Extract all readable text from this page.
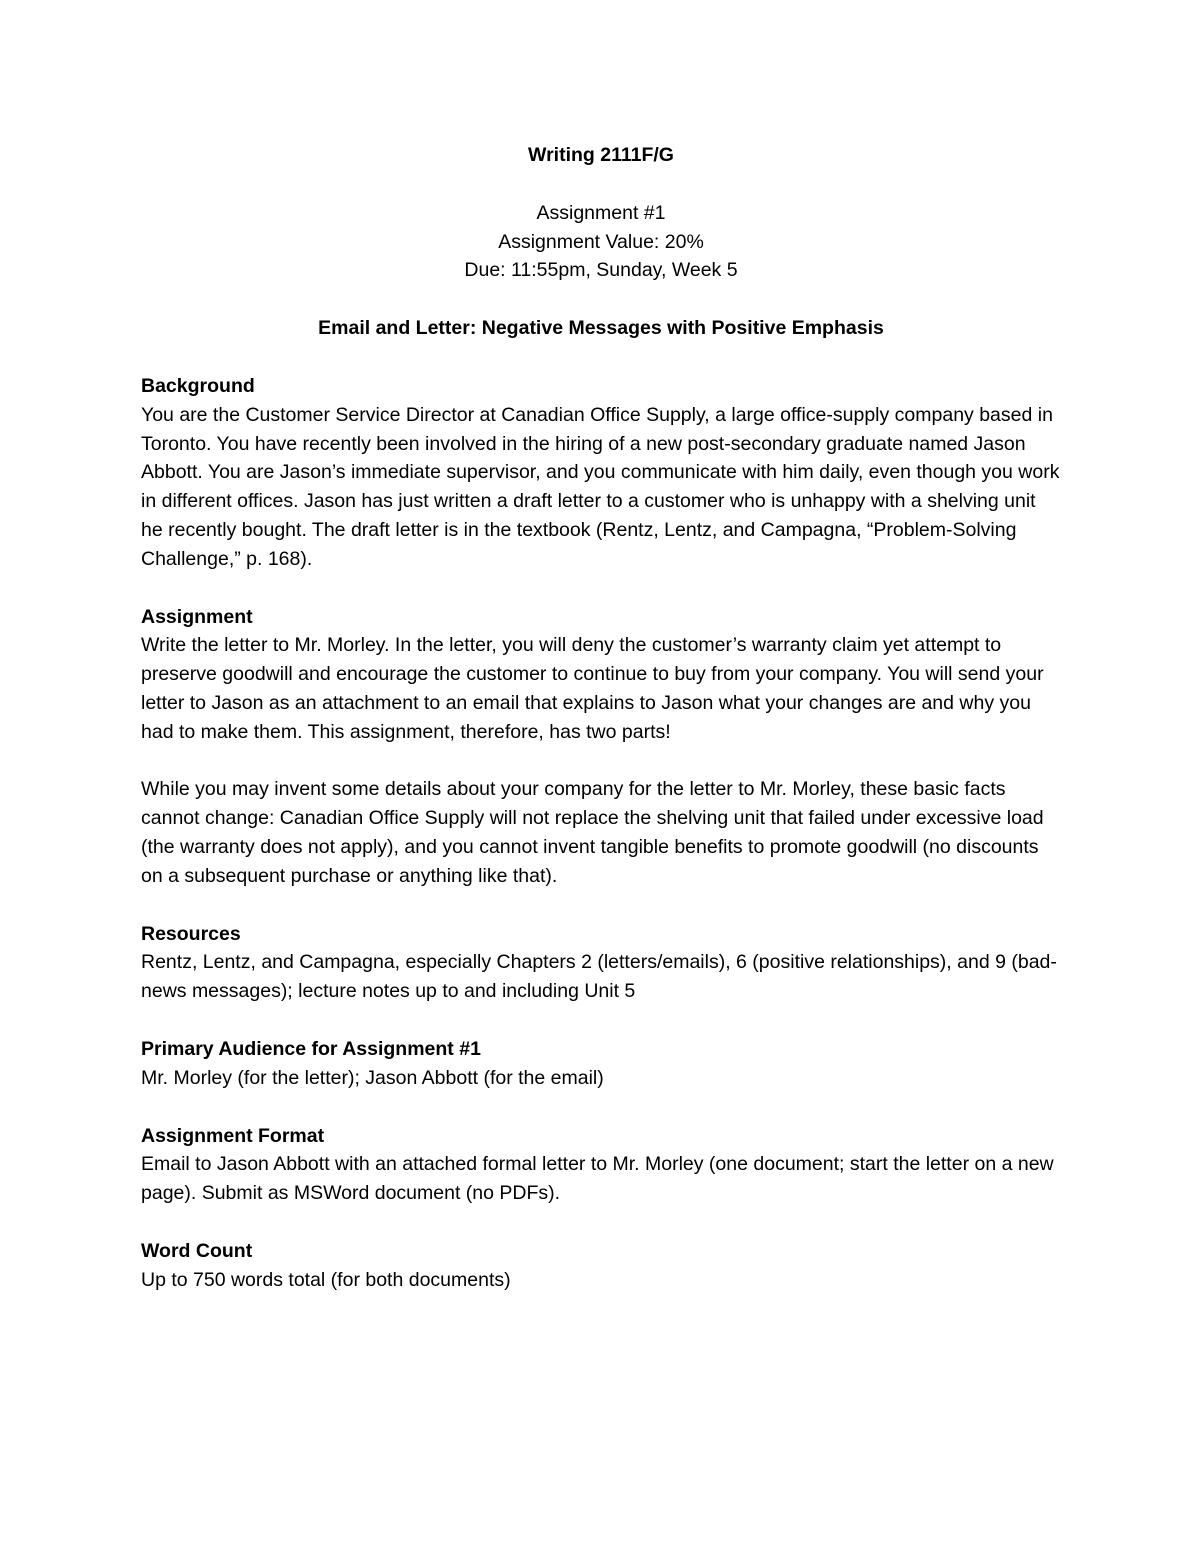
Writing 2111F/G
Assignment #1
Assignment Value: 20%
Due: 11:55pm, Sunday, Week 5
Email and Letter: Negative Messages with Positive Emphasis
Background

You are the Customer Service Director at Canadian Office Supply, a large office-supply company based in Toronto. You have recently been involved in the hiring of a new post-secondary graduate named Jason Abbott. You are Jason’s immediate supervisor, and you communicate with him daily, even though you work in different offices. Jason has just written a draft letter to a customer who is unhappy with a shelving unit he recently bought. The draft letter is in the textbook (Rentz, Lentz, and Campagna, “Problem-Solving Challenge,” p. 168).

Assignment

Write the letter to Mr. Morley. In the letter, you will deny the customer’s warranty claim yet attempt to preserve goodwill and encourage the customer to continue to buy from your company. You will send your letter to Jason as an attachment to an email that explains to Jason what your changes are and why you had to make them. This assignment, therefore, has two parts!

While you may invent some details about your company for the letter to Mr. Morley, these basic facts cannot change: Canadian Office Supply will not replace the shelving unit that failed under excessive load (the warranty does not apply), and you cannot invent tangible benefits to promote goodwill (no discounts on a subsequent purchase or anything like that).

Resources

Rentz, Lentz, and Campagna, especially Chapters 2 (letters/emails), 6 (positive relationships), and 9 (bad-news messages); lecture notes up to and including Unit 5

Primary Audience for Assignment #1

Mr. Morley (for the letter); Jason Abbott (for the email)

Assignment Format

Email to Jason Abbott with an attached formal letter to Mr. Morley (one document; start the letter on a new page). Submit as MSWord document (no PDFs).

Word Count

Up to 750 words total (for both documents)
